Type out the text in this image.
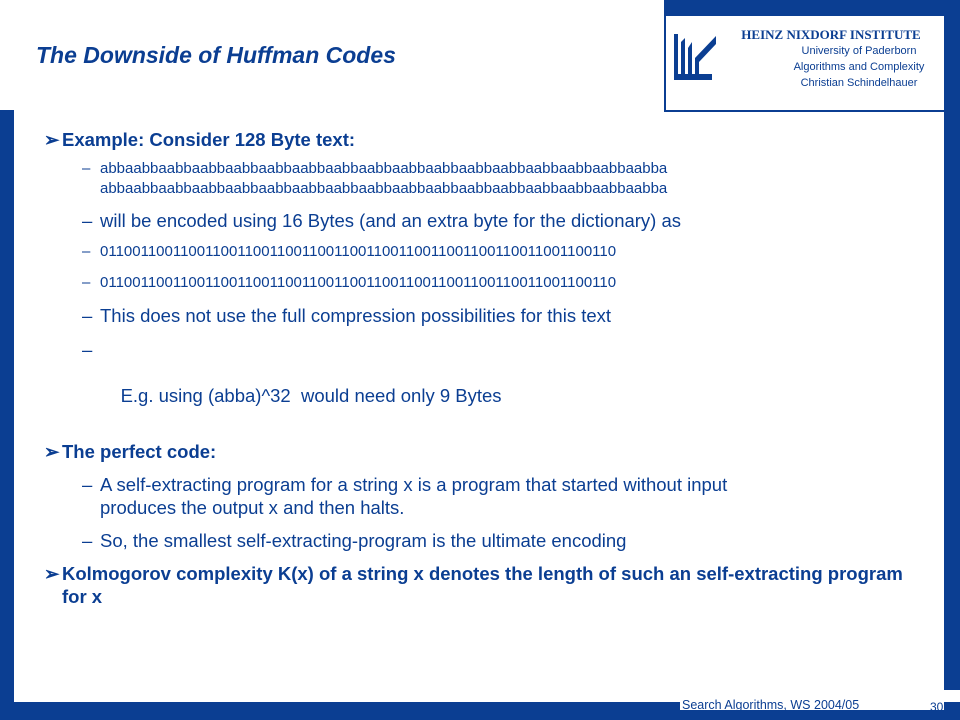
The Downside of Huffman Codes
HEINZ NIXDORF INSTITUTE
University of Paderborn
Algorithms and Complexity
Christian Schindelhauer
➢ Example: Consider 128 Byte text:
– abbaabbaabbaabbaabbaabbaabbaabbaabbaabbaabbaabbaabbaabbaabbaabbaabba
abbaabbaabbaabbaabbaabbaabbaabbaabbaabbaabbaabbaabbaabbaabbaabbaabba
– will be encoded using 16 Bytes (and an extra byte for the dictionary) as
– 0110011001100110011001100110011001100110011001100110011001100110
– 0110011001100110011001100110011001100110011001100110011001100110
– This does not use the full compression possibilities for this text

–

E.g. using (abba)^32  would need only 9 Bytes

➢ The perfect code:
– A self-extracting program for a string x is a program that started without input
produces the output x and then halts.
– So, the smallest self-extracting-program is the ultimate encoding
➢ Kolmogorov complexity K(x) of a string x denotes the length of such an self-extracting program for x
Search Algorithms, WS 2004/05	30
